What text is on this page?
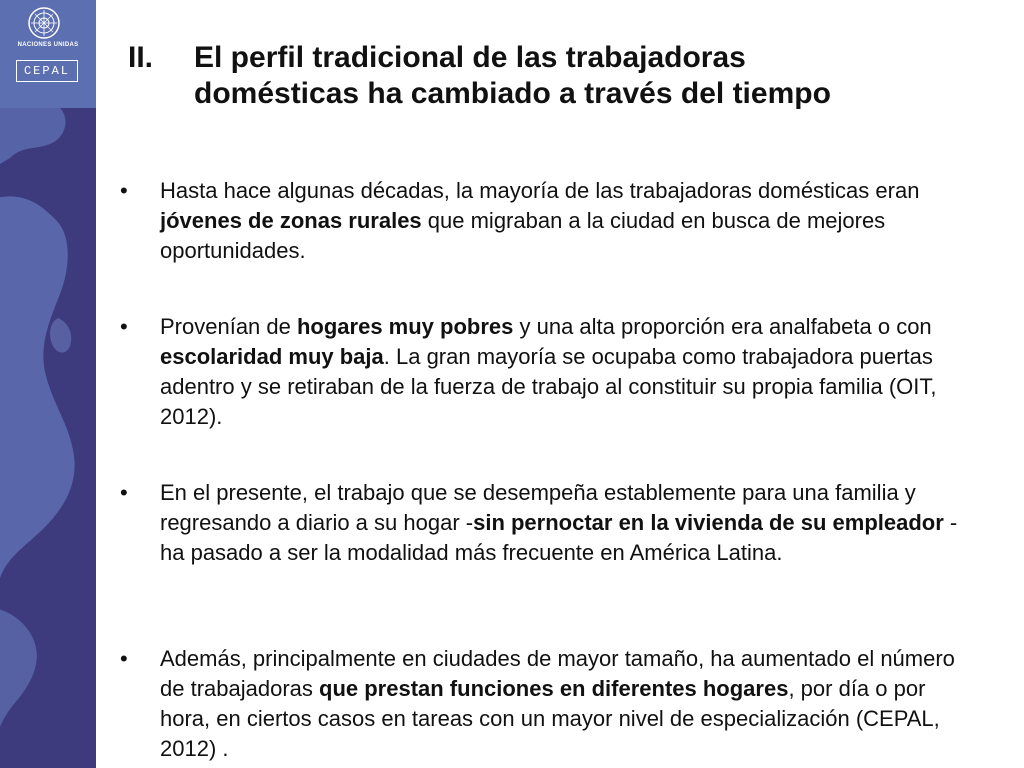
NACIONES UNIDAS
CEPAL II. El perfil tradicional de las trabajadoras
domésticas ha cambiado a través del tiempo
•	Hasta hace algunas décadas, la mayoría de las trabajadoras domésticas eran jóvenes de zonas rurales que migraban a la ciudad en busca de mejores oportunidades.
•	Provenían de hogares muy pobres y una alta proporción era analfabeta o con escolaridad muy baja. La gran mayoría se ocupaba como trabajadora puertas adentro y se retiraban de la fuerza de trabajo al constituir su propia familia (OIT, 2012).
•	En el presente, el trabajo que se desempeña establemente para una familia y regresando a diario a su hogar -sin pernoctar en la vivienda de su empleador - ha pasado a ser la modalidad más frecuente en América Latina.
•	Además, principalmente en ciudades de mayor tamaño, ha aumentado el número de trabajadoras que prestan funciones en diferentes hogares, por día o por hora, en ciertos casos en tareas con un mayor nivel de especialización (CEPAL, 2012) .
